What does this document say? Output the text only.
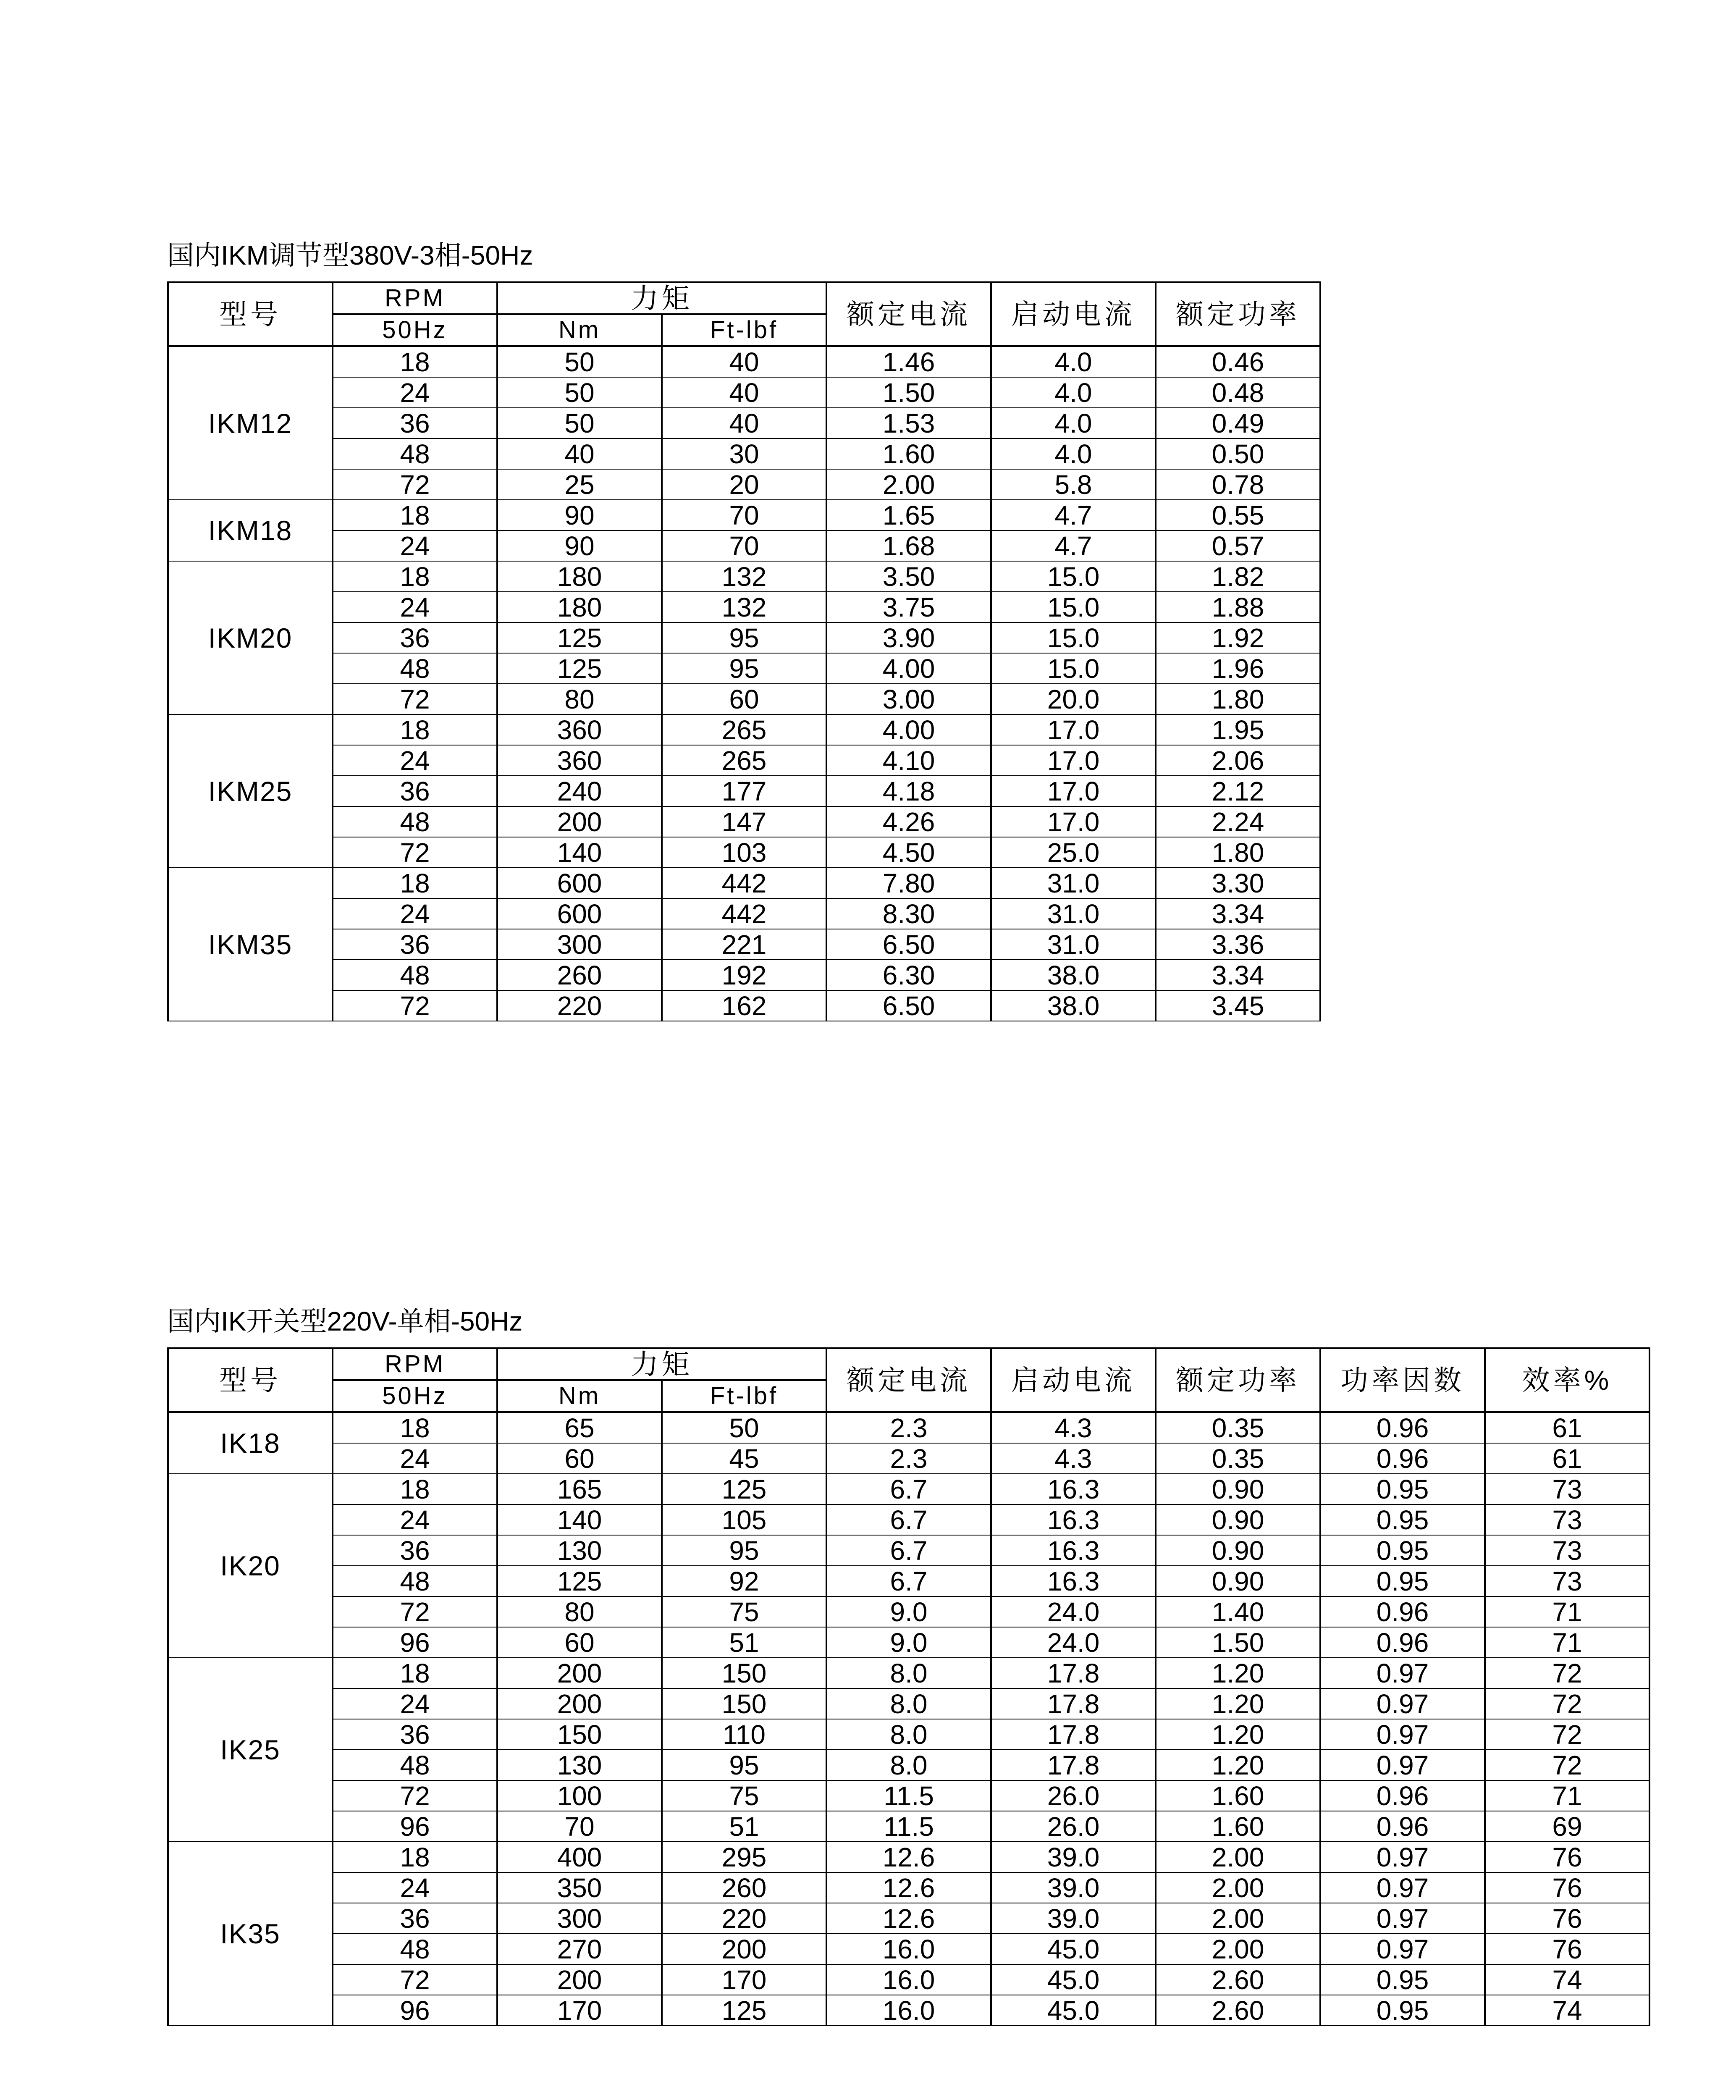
国内IKM调节型380V-3相-50Hz
型号	RPM	力矩		额定电流	启动电流	额定功率
	50Hz	Nm	Ft-lbf			
IKM12	18	50	40	1.46	4.0	0.46
	24	50	40	1.50	4.0	0.48
	36	50	40	1.53	4.0	0.49
	48	40	30	1.60	4.0	0.50
	72	25	20	2.00	5.8	0.78
IKM18	18	90	70	1.65	4.7	0.55
	24	90	70	1.68	4.7	0.57
IKM20	18	180	132	3.50	15.0	1.82
	24	180	132	3.75	15.0	1.88
	36	125	95	3.90	15.0	1.92
	48	125	95	4.00	15.0	1.96
	72	80	60	3.00	20.0	1.80
IKM25	18	360	265	4.00	17.0	1.95
	24	360	265	4.10	17.0	2.06
	36	240	177	4.18	17.0	2.12
	48	200	147	4.26	17.0	2.24
	72	140	103	4.50	25.0	1.80
IKM35	18	600	442	7.80	31.0	3.30
	24	600	442	8.30	31.0	3.34
	36	300	221	6.50	31.0	3.36
	48	260	192	6.30	38.0	3.34
	72	220	162	6.50	38.0	3.45
国内IK开关型220V-单相-50Hz
型号	RPM	力矩		额定电流	启动电流	额定功率	功率因数	效率%
	50Hz	Nm	Ft-lbf					
IK18	18	65	50	2.3	4.3	0.35	0.96	61
	24	60	45	2.3	4.3	0.35	0.96	61
IK20	18	165	125	6.7	16.3	0.90	0.95	73
	24	140	105	6.7	16.3	0.90	0.95	73
	36	130	95	6.7	16.3	0.90	0.95	73
	48	125	92	6.7	16.3	0.90	0.95	73
	72	80	75	9.0	24.0	1.40	0.96	71
	96	60	51	9.0	24.0	1.50	0.96	71
IK25	18	200	150	8.0	17.8	1.20	0.97	72
	24	200	150	8.0	17.8	1.20	0.97	72
	36	150	110	8.0	17.8	1.20	0.97	72
	48	130	95	8.0	17.8	1.20	0.97	72
	72	100	75	11.5	26.0	1.60	0.96	71
	96	70	51	11.5	26.0	1.60	0.96	69
IK35	18	400	295	12.6	39.0	2.00	0.97	76
	24	350	260	12.6	39.0	2.00	0.97	76
	36	300	220	12.6	39.0	2.00	0.97	76
	48	270	200	16.0	45.0	2.00	0.97	76
	72	200	170	16.0	45.0	2.60	0.95	74
	96	170	125	16.0	45.0	2.60	0.95	74
